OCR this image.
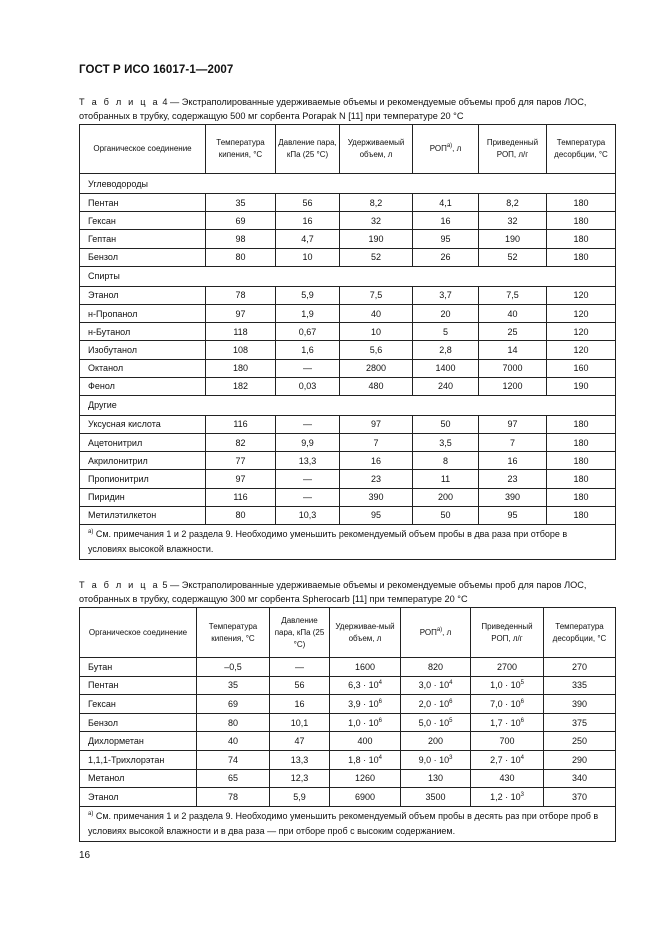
ГОСТ Р ИСО 16017-1—2007
Т а б л и ц а 4 — Экстраполированные удерживаемые объемы и рекомендуемые объемы проб для паров ЛОС, отобранных в трубку, содержащую 500 мг сорбента Porapak N [11] при температуре 20 °С
Органическое соединение	Температура кипения, °С	Давление пара, кПа (25 °С)	Удерживаемый объем, л	$РОП^{а)}$, л	Приведенный РОП, л/г	Температура десорбции, °С
Углеводороды						
Пентан	35	56	8,2	4,1	8,2	180
Гексан	69	16	32	16	32	180
Гептан	98	4,7	190	95	190	180
Бензол	80	10	52	26	52	180
Спирты						
Этанол	78	5,9	7,5	3,7	7,5	120
н-Пропанол	97	1,9	40	20	40	120
н-Бутанол	118	0,67	10	5	25	120
Изобутанол	108	1,6	5,6	2,8	14	120
Октанол	180	—	2800	1400	7000	160
Фенол	182	0,03	480	240	1200	190
Другие						
Уксусная кислота	116	—	97	50	97	180
Ацетонитрил	82	9,9	7	3,5	7	180
Акрилонитрил	77	13,3	16	8	16	180
Пропионитрил	97	—	23	11	23	180
Пиридин	116	—	390	200	390	180
Метилэтилкетон	80	10,3	95	50	95	180
$^{а)}$ См. примечания 1 и 2 раздела 9. Необходимо уменьшить рекомендуемый объем пробы в два раза при отборе в условиях высокой влажности.						
Т а б л и ц а 5 — Экстраполированные удерживаемые объемы и рекомендуемые объемы проб для паров ЛОС, отобранных в трубку, содержащую 300 мг сорбента Spherocarb [11] при температуре 20 °С
Органическое соединение	Температура кипения, °С	Давление пара, кПа (25 °С)	Удерживае-мый объем, л	$РОП^{а)}$, л	Приведенный РОП, л/г	Температура десорбции, °С
Бутан	–0,5	—	1600	820	2700	270
Пентан	35	56	$6,3 \cdot 10^4$	$3,0 \cdot 10^4$	$1,0 \cdot 10^5$	335
Гексан	69	16	$3,9 \cdot 10^6$	$2,0 \cdot 10^6$	$7,0 \cdot 10^6$	390
Бензол	80	10,1	$1,0 \cdot 10^6$	$5,0 \cdot 10^5$	$1,7 \cdot 10^6$	375
Дихлорметан	40	47	400	200	700	250
1,1,1-Трихлорэтан	74	13,3	$1,8 \cdot 10^4$	$9,0 \cdot 10^3$	$2,7 \cdot 10^4$	290
Метанол	65	12,3	1260	130	430	340
Этанол	78	5,9	6900	3500	$1,2 \cdot 10^3$	370
$^{а)}$ См. примечания 1 и 2 раздела 9. Необходимо уменьшить рекомендуемый объем пробы в десять раз при отборе проб в условиях высокой влажности и в два раза — при отборе проб с высоким содержанием.						
16
